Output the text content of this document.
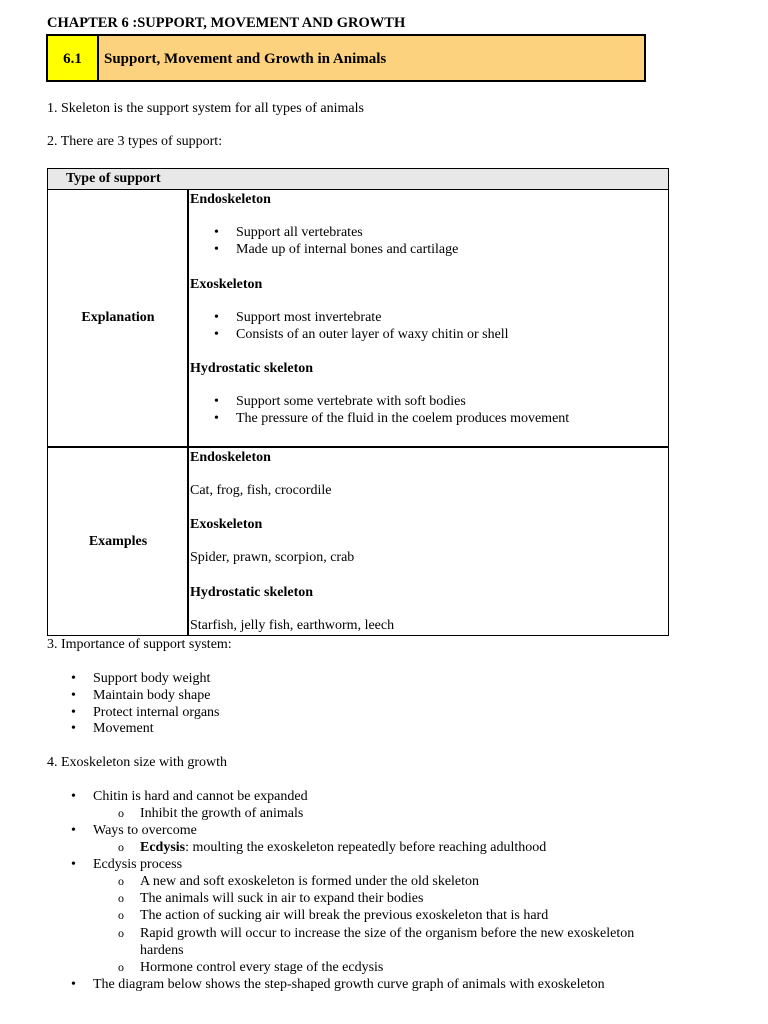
CHAPTER 6 :SUPPORT, MOVEMENT AND GROWTH
6.1	Support, Movement and Growth in Animals
1. Skeleton is the support system for all types of animals
2. There are 3 types of support:
Type of support
Explanation
Examples
Endoskeleton
• Support all vertebrates
• Made up of internal bones and cartilage
Exoskeleton
• Support most invertebrate
• Consists of an outer layer of waxy chitin or shell
Hydrostatic skeleton
• Support some vertebrate with soft bodies
• The pressure of the fluid in the coelem produces movement
Endoskeleton
Cat, frog, fish, crocordile
Exoskeleton
Spider, prawn, scorpion, crab
Hydrostatic skeleton
Starfish, jelly fish, earthworm, leech
3. Importance of support system:
• Support body weight
• Maintain body shape
• Protect internal organs
• Movement
4. Exoskeleton size with growth
• Chitin is hard and cannot be expanded
o Inhibit the growth of animals
• Ways to overcome
o Ecdysis: moulting the exoskeleton repeatedly before reaching adulthood
• Ecdysis process
o A new and soft exoskeleton is formed under the old skeleton
o The animals will suck in air to expand their bodies
o The action of sucking air will break the previous exoskeleton that is hard
o Rapid growth will occur to increase the size of the organism before the new exoskeleton
hardens
o Hormone control every stage of the ecdysis
• The diagram below shows the step-shaped growth curve graph of animals with exoskeleton
